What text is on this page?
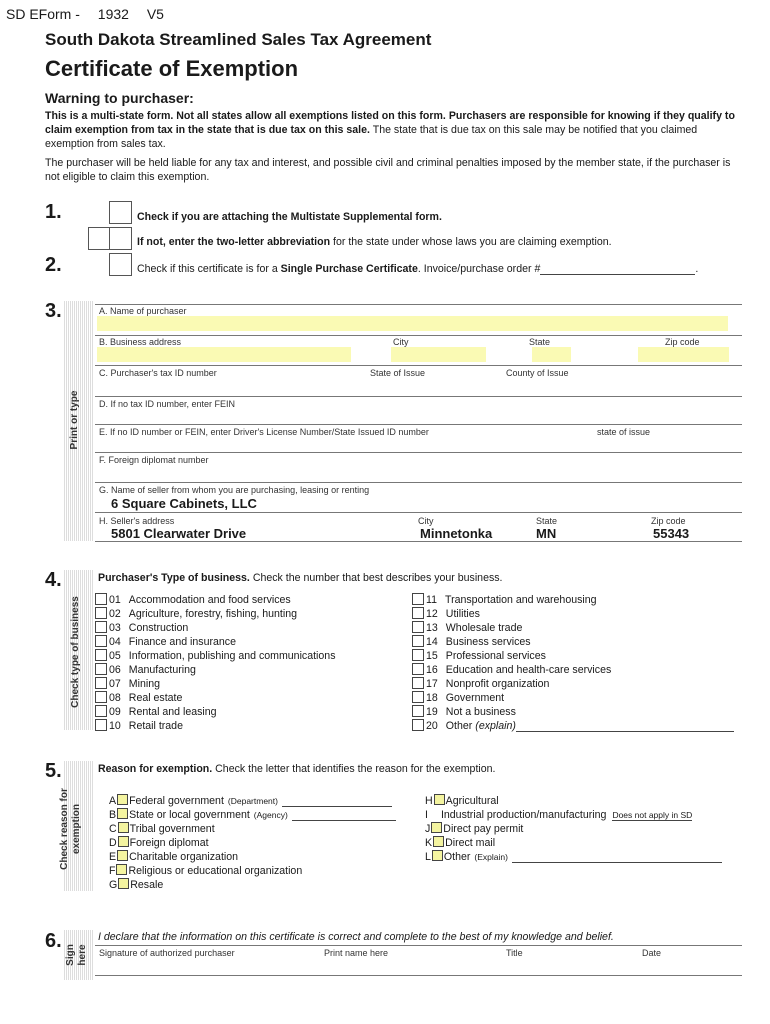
SD EForm - 1932 V5
South Dakota Streamlined Sales Tax Agreement
Certificate of Exemption
Warning to purchaser:
This is a multi-state form. Not all states allow all exemptions listed on this form. Purchasers are responsible for knowing if they qualify to claim exemption from tax in the state that is due tax on this sale. The state that is due tax on this sale may be notified that you claimed exemption from sales tax.
The purchaser will be held liable for any tax and interest, and possible civil and criminal penalties imposed by the member state, if the purchaser is not eligible to claim this exemption.
1.	Check if you are attaching the Multistate Supplemental form.
If not, enter the two-letter abbreviation for the state under whose laws you are claiming exemption.
2.	Check if this certificate is for a Single Purchase Certificate. Invoice/purchase order #	.
3.
Print or type
A. Name of purchaser
B. Business address	City	State	Zip code
C. Purchaser's tax ID number	State of Issue	County of Issue
D. If no tax ID number, enter FEIN
E. If no ID number or FEIN, enter Driver's License Number/State Issued ID number	state of issue
F. Foreign diplomat number
G. Name of seller from whom you are purchasing, leasing or renting
6 Square Cabinets, LLC
H. Seller's address	City	State	Zip code
5801 Clearwater Drive	Minnetonka	MN	55343
4.
Check type of business
Purchaser's Type of business. Check the number that best describes your business.
01 Accommodation and food services
02 Agriculture, forestry, fishing, hunting
03 Construction
04 Finance and insurance
05 Information, publishing and communications
06 Manufacturing
07 Mining
08 Real estate
09 Rental and leasing
10 Retail trade
11 Transportation and warehousing
12 Utilities
13 Wholesale trade
14 Business services
15 Professional services
16 Education and health-care services
17 Nonprofit organization
18 Government
19 Not a business
20 Other (explain)
5.
Check reason for exemption
Reason for exemption. Check the letter that identifies the reason for the exemption.
A Federal government (Department)
B State or local government (Agency)
C Tribal government
D Foreign diplomat
E Charitable organization
F Religious or educational organization
G Resale
H Agricultural
I Industrial production/manufacturing Does not apply in SD
J Direct pay permit
K Direct mail
L Other (Explain)
6.
Sign here
I declare that the information on this certificate is correct and complete to the best of my knowledge and belief.
Signature of authorized purchaser	Print name here	Title	Date
